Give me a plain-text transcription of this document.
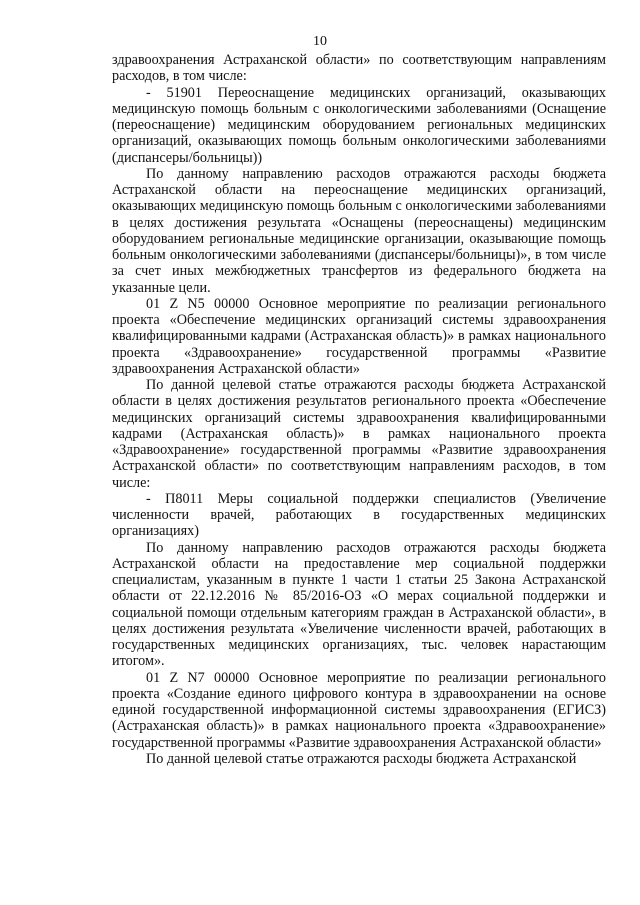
10

здравоохранения Астраханской области» по соответствующим направлениям расходов, в том числе:

- 51901 Переоснащение медицинских организаций, оказывающих медицинскую помощь больным с онкологическими заболеваниями (Оснащение (переоснащение) медицинским оборудованием региональных медицинских организаций, оказывающих помощь больным онкологическими заболеваниями (диспансеры/больницы))

По данному направлению расходов отражаются расходы бюджета Астраханской области на переоснащение медицинских организаций, оказывающих медицинскую помощь больным с онкологическими заболеваниями в целях достижения результата «Оснащены (переоснащены) медицинским оборудованием региональные медицинские организации, оказывающие помощь больным онкологическими заболеваниями (диспансеры/больницы)», в том числе за счет иных межбюджетных трансфертов из федерального бюджета на указанные цели.

01 Z N5 00000 Основное мероприятие по реализации регионального проекта «Обеспечение медицинских организаций системы здравоохранения квалифицированными кадрами (Астраханская область)» в рамках национального проекта «Здравоохранение» государственной программы «Развитие здравоохранения Астраханской области»

По данной целевой статье отражаются расходы бюджета Астраханской области в целях достижения результатов регионального проекта «Обеспечение медицинских организаций системы здравоохранения квалифицированными кадрами (Астраханская область)» в рамках национального проекта «Здравоохранение» государственной программы «Развитие здравоохранения Астраханской области» по соответствующим направлениям расходов, в том числе:

- П8011 Меры социальной поддержки специалистов (Увеличение численности врачей, работающих в государственных медицинских организациях)

По данному направлению расходов отражаются расходы бюджета Астраханской области на предоставление мер социальной поддержки специалистам, указанным в пункте 1 части 1 статьи 25 Закона Астраханской области от 22.12.2016 № 85/2016-ОЗ «О мерах социальной поддержки и социальной помощи отдельным категориям граждан в Астраханской области», в целях достижения результата «Увеличение численности врачей, работающих в государственных медицинских организациях, тыс. человек нарастающим итогом».

01 Z N7 00000 Основное мероприятие по реализации регионального проекта «Создание единого цифрового контура в здравоохранении на основе единой государственной информационной системы здравоохранения (ЕГИСЗ) (Астраханская область)» в рамках национального проекта «Здравоохранение» государственной программы «Развитие здравоохранения Астраханской области»

По данной целевой статье отражаются расходы бюджета Астраханской
